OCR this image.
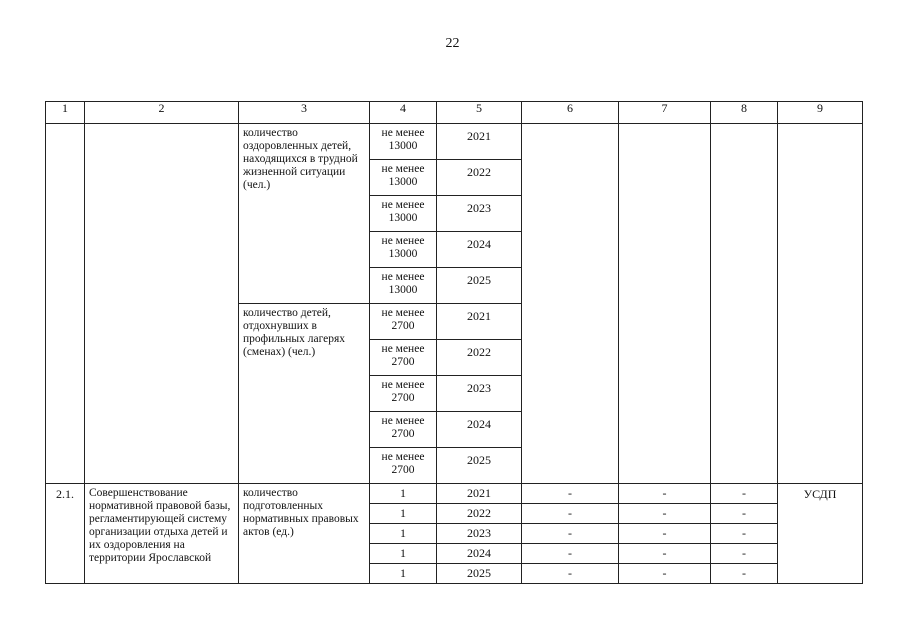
22
1	2	3	4	5	6	7	8	9
		количество оздоровленных детей, находящихся в трудной жизненной ситуации (чел.)	не менее 13000	2021				

			не менее 13000	2022				

			не менее 13000	2023				

			не менее 13000	2024				

			не менее 13000	2025				

		количество детей, отдохнувших в профильных лагерях (сменах) (чел.)	не менее 2700	2021				

			не менее 2700	2022				

			не менее 2700	2023				

			не менее 2700	2024				

			не менее 2700	2025				

2.1.	Совершенствование нормативной правовой базы, регламентирующей систему организации отдыха детей и их оздоровления на территории Ярославской	количество подготовленных нормативных правовых актов (ед.)	1	2021	-	-	-	УСДП
			1	2022	-	-	-	
			1	2023	-	-	-	
			1	2024	-	-	-	
			1	2025	-	-	-	
